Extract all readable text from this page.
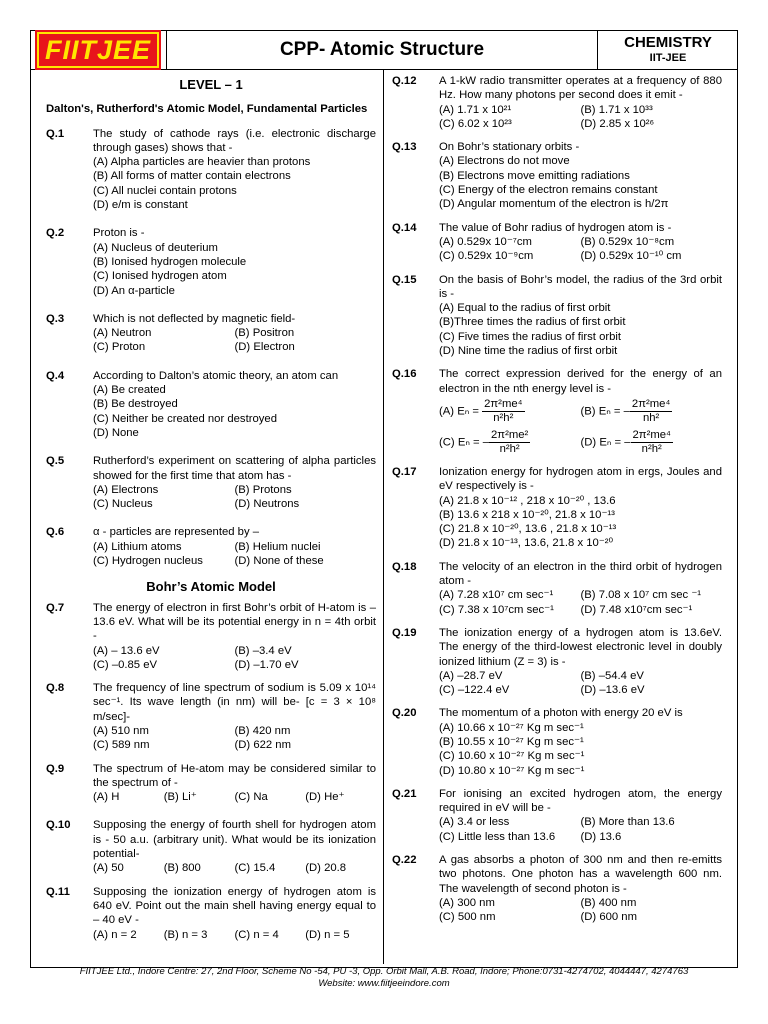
FIITJEE	CPP- Atomic Structure	CHEMISTRY
IIT-JEE
LEVEL – 1
Dalton's, Rutherford's Atomic Model, Fundamental Particles
Q.1	The study of cathode rays (i.e. electronic discharge through gases) shows that -
(A) Alpha particles are heavier than protons
(B) All forms of matter contain electrons
(C) All nuclei contain protons
(D) e/m is constant
Q.2	Proton is -
(A) Nucleus of deuterium
(B) Ionised hydrogen molecule
(C) Ionised hydrogen atom
(D) An α-particle
Q.3	Which is not deflected by magnetic field-
(A) Neutron	(B) Positron
(C) Proton	(D) Electron
Q.4	According to Dalton’s atomic theory, an atom can
(A) Be created
(B) Be destroyed
(C) Neither be created nor destroyed
(D) None
Q.5	Rutherford’s experiment on scattering of alpha particles showed for the first time that atom has -
(A) Electrons	(B) Protons
(C) Nucleus	(D) Neutrons
Q.6	α - particles are represented by –
(A) Lithium atoms	(B) Helium nuclei
(C) Hydrogen nucleus	(D) None of these
Bohr’s Atomic Model
Q.7	The energy of electron in first Bohr’s orbit of H-atom is –13.6 eV. What will be its potential energy in n = 4th orbit -
(A) – 13.6 eV	(B) –3.4 eV
(C) –0.85 eV	(D) –1.70 eV
Q.8	The frequency of line spectrum of sodium is 5.09 x 10¹⁴ sec⁻¹. Its wave length (in nm) will be- [c = 3 × 10⁸ m/sec]-
(A) 510 nm	(B) 420 nm
(C) 589 nm	(D) 622 nm
Q.9	The spectrum of He-atom may be considered similar to the spectrum of -
(A) H	(B) Li⁺	(C) Na	(D) He⁺
Q.10	Supposing the energy of fourth shell for hydrogen atom is - 50 a.u. (arbitrary unit). What would be its ionization potential-
(A) 50	(B) 800	(C) 15.4	(D) 20.8
Q.11	Supposing the ionization energy of hydrogen atom is 640 eV. Point out the main shell having energy equal to – 40 eV -
(A) n = 2	(B) n = 3	(C) n = 4	(D) n = 5
Q.12	A 1-kW radio transmitter operates at a frequency of 880 Hz. How many photons per second does it emit -
(A) 1.71 x 10²¹	(B) 1.71 x 10³³
(C) 6.02 x 10²³	(D) 2.85 x 10²⁶
Q.13	On Bohr’s stationary orbits -
(A) Electrons do not move
(B) Electrons move emitting radiations
(C) Energy of the electron remains constant
(D) Angular momentum of the electron is h/2π
Q.14	The value of Bohr radius of hydrogen atom is -
(A) 0.529x 10⁻⁷cm	(B) 0.529x 10⁻⁸cm
(C) 0.529x 10⁻⁹cm	(D) 0.529x 10⁻¹⁰ cm
Q.15	On the basis of Bohr’s model, the radius of the 3rd orbit is -
(A) Equal to the radius of first orbit
(B)Three times the radius of first orbit
(C) Five times the radius of first orbit
(D) Nine time the radius of first orbit
Q.16	The correct expression derived for the energy of an electron in the nth energy level is -
(A) $E_n = \frac{\text{2π²me⁴}}{\text{n²h²}}$	(B) Eₙ = – $\frac{\text{2π²me⁴}}{\text{nh²}}$
(C) Eₙ = – $\frac{\text{2π²me²}}{\text{n²h²}}$	(D) Eₙ = – $\frac{\text{2π²me⁴}}{\text{n²h²}}$
Q.17	Ionization energy for hydrogen atom in ergs, Joules and eV respectively is -
(A) 21.8 x 10⁻¹² , 218 x 10⁻²⁰ , 13.6
(B) 13.6 x 218 x 10⁻²⁰, 21.8 x 10⁻¹³
(C) 21.8 x 10⁻²⁰, 13.6 , 21.8 x 10⁻¹³
(D) 21.8 x 10⁻¹³, 13.6, 21.8 x 10⁻²⁰
Q.18	The velocity of an electron in the third orbit of hydrogen atom -
(A) 7.28 x10⁷ cm sec⁻¹	(B) 7.08 x 10⁷ cm sec ⁻¹
(C) 7.38 x 10⁷cm sec⁻¹	(D) 7.48 x10⁷cm sec⁻¹
Q.19	The ionization energy of a hydrogen atom is 13.6eV. The energy of the third-lowest electronic level in doubly ionized lithium (Z = 3) is -
(A) –28.7 eV	(B) –54.4 eV
(C) –122.4 eV	(D) –13.6 eV
Q.20	The momentum of a photon with energy 20 eV is
(A) 10.66 x 10⁻²⁷ Kg m sec⁻¹
(B) 10.55 x 10⁻²⁷ Kg m sec⁻¹
(C) 10.60 x 10⁻²⁷ Kg m sec⁻¹
(D) 10.80 x 10⁻²⁷ Kg m sec⁻¹
Q.21	For ionising an excited hydrogen atom, the energy required in eV will be -
(A) 3.4 or less	(B) More than 13.6
(C) Little less than 13.6	(D) 13.6
Q.22	A gas absorbs a photon of 300 nm and then re-emitts two photons. One photon has a wavelength 600 nm. The wavelength of second photon is -
(A) 300 nm	(B) 400 nm
(C) 500 nm	(D) 600 nm
FIITJEE Ltd., Indore Centre: 27, 2nd Floor, Scheme No -54, PU -3, Opp. Orbit Mall, A.B. Road, Indore; Phone:0731-4274702, 4044447, 4274763
Website: www.fiitjeeindore.com
